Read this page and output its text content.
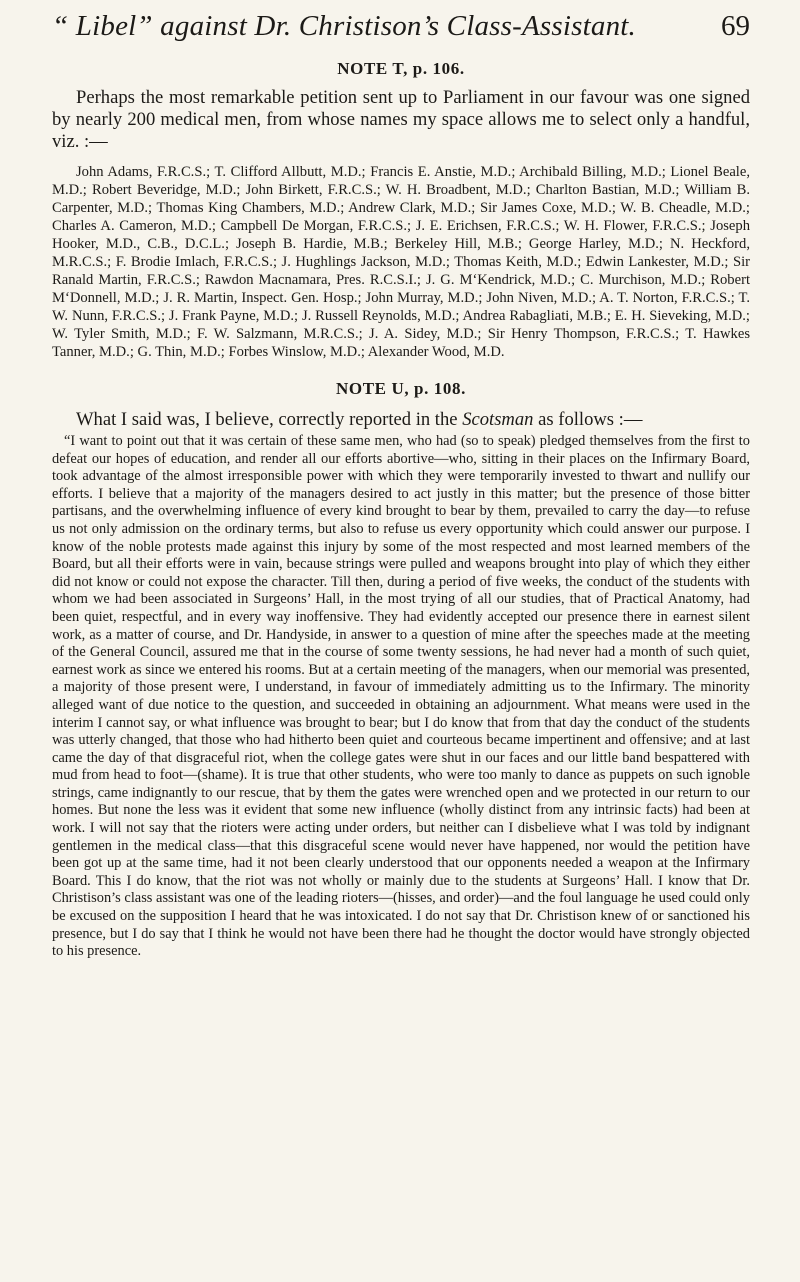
“ Libel” against Dr. Christison’s Class-Assistant.	69
NOTE T, p. 106.

Perhaps the most remarkable petition sent up to Parliament in our favour was one signed by nearly 200 medical men, from whose names my space allows me to select only a handful, viz. :—

John Adams, F.R.C.S.; T. Clifford Allbutt, M.D.; Francis E. Anstie, M.D.; Archibald Billing, M.D.; Lionel Beale, M.D.; Robert Beveridge, M.D.; John Birkett, F.R.C.S.; W. H. Broadbent, M.D.; Charlton Bastian, M.D.; William B. Carpenter, M.D.; Thomas King Chambers, M.D.; Andrew Clark, M.D.; Sir James Coxe, M.D.; W. B. Cheadle, M.D.; Charles A. Cameron, M.D.; Campbell De Morgan, F.R.C.S.; J. E. Erichsen, F.R.C.S.; W. H. Flower, F.R.C.S.; Joseph Hooker, M.D., C.B., D.C.L.; Joseph B. Hardie, M.B.; Berkeley Hill, M.B.; George Harley, M.D.; N. Heckford, M.R.C.S.; F. Brodie Imlach, F.R.C.S.; J. Hughlings Jackson, M.D.; Thomas Keith, M.D.; Edwin Lankester, M.D.; Sir Ranald Martin, F.R.C.S.; Rawdon Macnamara, Pres. R.C.S.I.; J. G. M‘Kendrick, M.D.; C. Murchison, M.D.; Robert M‘Donnell, M.D.; J. R. Martin, Inspect. Gen. Hosp.; John Murray, M.D.; John Niven, M.D.; A. T. Norton, F.R.C.S.; T. W. Nunn, F.R.C.S.; J. Frank Payne, M.D.; J. Russell Reynolds, M.D.; Andrea Rabagliati, M.B.; E. H. Sieveking, M.D.; W. Tyler Smith, M.D.; F. W. Salzmann, M.R.C.S.; J. A. Sidey, M.D.; Sir Henry Thompson, F.R.C.S.; T. Hawkes Tanner, M.D.; G. Thin, M.D.; Forbes Winslow, M.D.; Alexander Wood, M.D.

NOTE U, p. 108.

What I said was, I believe, correctly reported in the Scotsman as follows :—

“I want to point out that it was certain of these same men, who had (so to speak) pledged themselves from the first to defeat our hopes of education, and render all our efforts abortive—who, sitting in their places on the Infirmary Board, took advantage of the almost irresponsible power with which they were temporarily invested to thwart and nullify our efforts. I believe that a majority of the managers desired to act justly in this matter; but the presence of those bitter partisans, and the overwhelming influence of every kind brought to bear by them, prevailed to carry the day—to refuse us not only admission on the ordinary terms, but also to refuse us every opportunity which could answer our purpose. I know of the noble protests made against this injury by some of the most respected and most learned members of the Board, but all their efforts were in vain, because strings were pulled and weapons brought into play of which they either did not know or could not expose the character. Till then, during a period of five weeks, the conduct of the students with whom we had been associated in Surgeons’ Hall, in the most trying of all our studies, that of Practical Anatomy, had been quiet, respectful, and in every way inoffensive. They had evidently accepted our presence there in earnest silent work, as a matter of course, and Dr. Handyside, in answer to a question of mine after the speeches made at the meeting of the General Council, assured me that in the course of some twenty sessions, he had never had a month of such quiet, earnest work as since we entered his rooms. But at a certain meeting of the managers, when our memorial was presented, a majority of those present were, I understand, in favour of immediately admitting us to the Infirmary. The minority alleged want of due notice to the question, and succeeded in obtaining an adjournment. What means were used in the interim I cannot say, or what influence was brought to bear; but I do know that from that day the conduct of the students was utterly changed, that those who had hitherto been quiet and courteous became impertinent and offensive; and at last came the day of that disgraceful riot, when the college gates were shut in our faces and our little band bespattered with mud from head to foot—(shame). It is true that other students, who were too manly to dance as puppets on such ignoble strings, came indignantly to our rescue, that by them the gates were wrenched open and we protected in our return to our homes. But none the less was it evident that some new influence (wholly distinct from any intrinsic facts) had been at work. I will not say that the rioters were acting under orders, but neither can I disbelieve what I was told by indignant gentlemen in the medical class—that this disgraceful scene would never have happened, nor would the petition have been got up at the same time, had it not been clearly understood that our opponents needed a weapon at the Infirmary Board. This I do know, that the riot was not wholly or mainly due to the students at Surgeons’ Hall. I know that Dr. Christison’s class assistant was one of the leading rioters—(hisses, and order)—and the foul language he used could only be excused on the supposition I heard that he was intoxicated. I do not say that Dr. Christison knew of or sanctioned his presence, but I do say that I think he would not have been there had he thought the doctor would have strongly objected to his presence.
